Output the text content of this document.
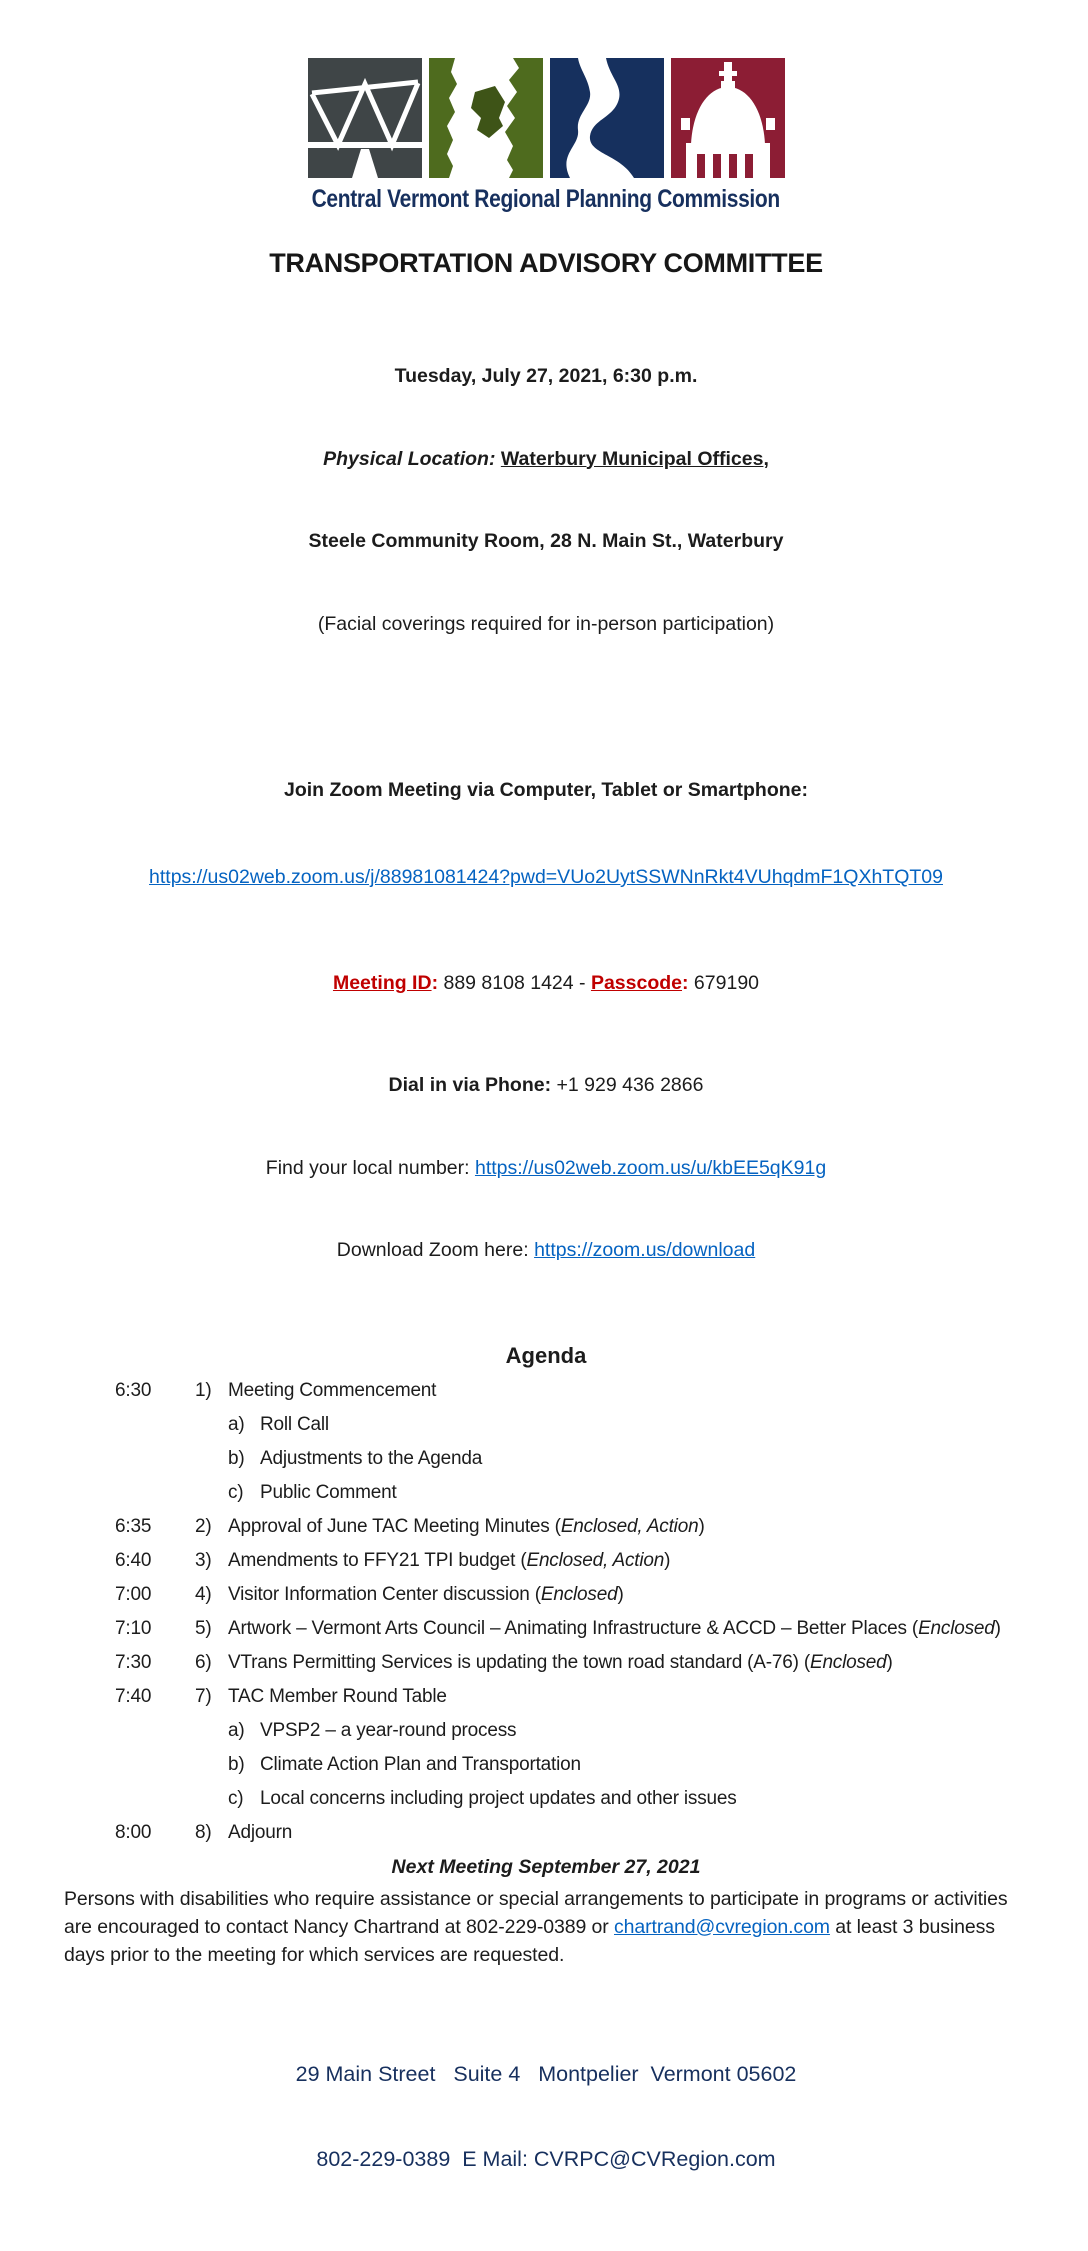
Central Vermont Regional Planning Commission
TRANSPORTATION ADVISORY COMMITTEE

Tuesday, July 27, 2021, 6:30 p.m.

Physical Location: Waterbury Municipal Offices,

Steele Community Room, 28 N. Main St., Waterbury

(Facial coverings required for in-person participation)

Join Zoom Meeting via Computer, Tablet or Smartphone:

https://us02web.zoom.us/j/88981081424?pwd=VUo2UytSSWNnRkt4VUhqdmF1QXhTQT09

Meeting ID: 889 8108 1424 - Passcode: 679190

Dial in via Phone: +1 929 436 2866

Find your local number: https://us02web.zoom.us/u/kbEE5qK91g

Download Zoom here: https://zoom.us/download

Agenda
6:30	1) Meeting Commencement
a) Roll Call
b) Adjustments to the Agenda
c) Public Comment
6:35	2) Approval of June TAC Meeting Minutes (Enclosed, Action)
6:40	3) Amendments to FFY21 TPI budget (Enclosed, Action)
7:00	4) Visitor Information Center discussion (Enclosed)
7:10	5) Artwork – Vermont Arts Council – Animating Infrastructure & ACCD – Better Places (Enclosed)
7:30	6) VTrans Permitting Services is updating the town road standard (A-76) (Enclosed)
7:40	7) TAC Member Round Table
a) VPSP2 – a year-round process
b) Climate Action Plan and Transportation
c) Local concerns including project updates and other issues
8:00	8) Adjourn
Next Meeting September 27, 2021
Persons with disabilities who require assistance or special arrangements to participate in programs or activities are encouraged to contact Nancy Chartrand at 802-229-0389 or chartrand@cvregion.com at least 3 business days prior to the meeting for which services are requested.

29 Main Street   Suite 4   Montpelier  Vermont 05602

802-229-0389  E Mail: CVRPC@CVRegion.com
